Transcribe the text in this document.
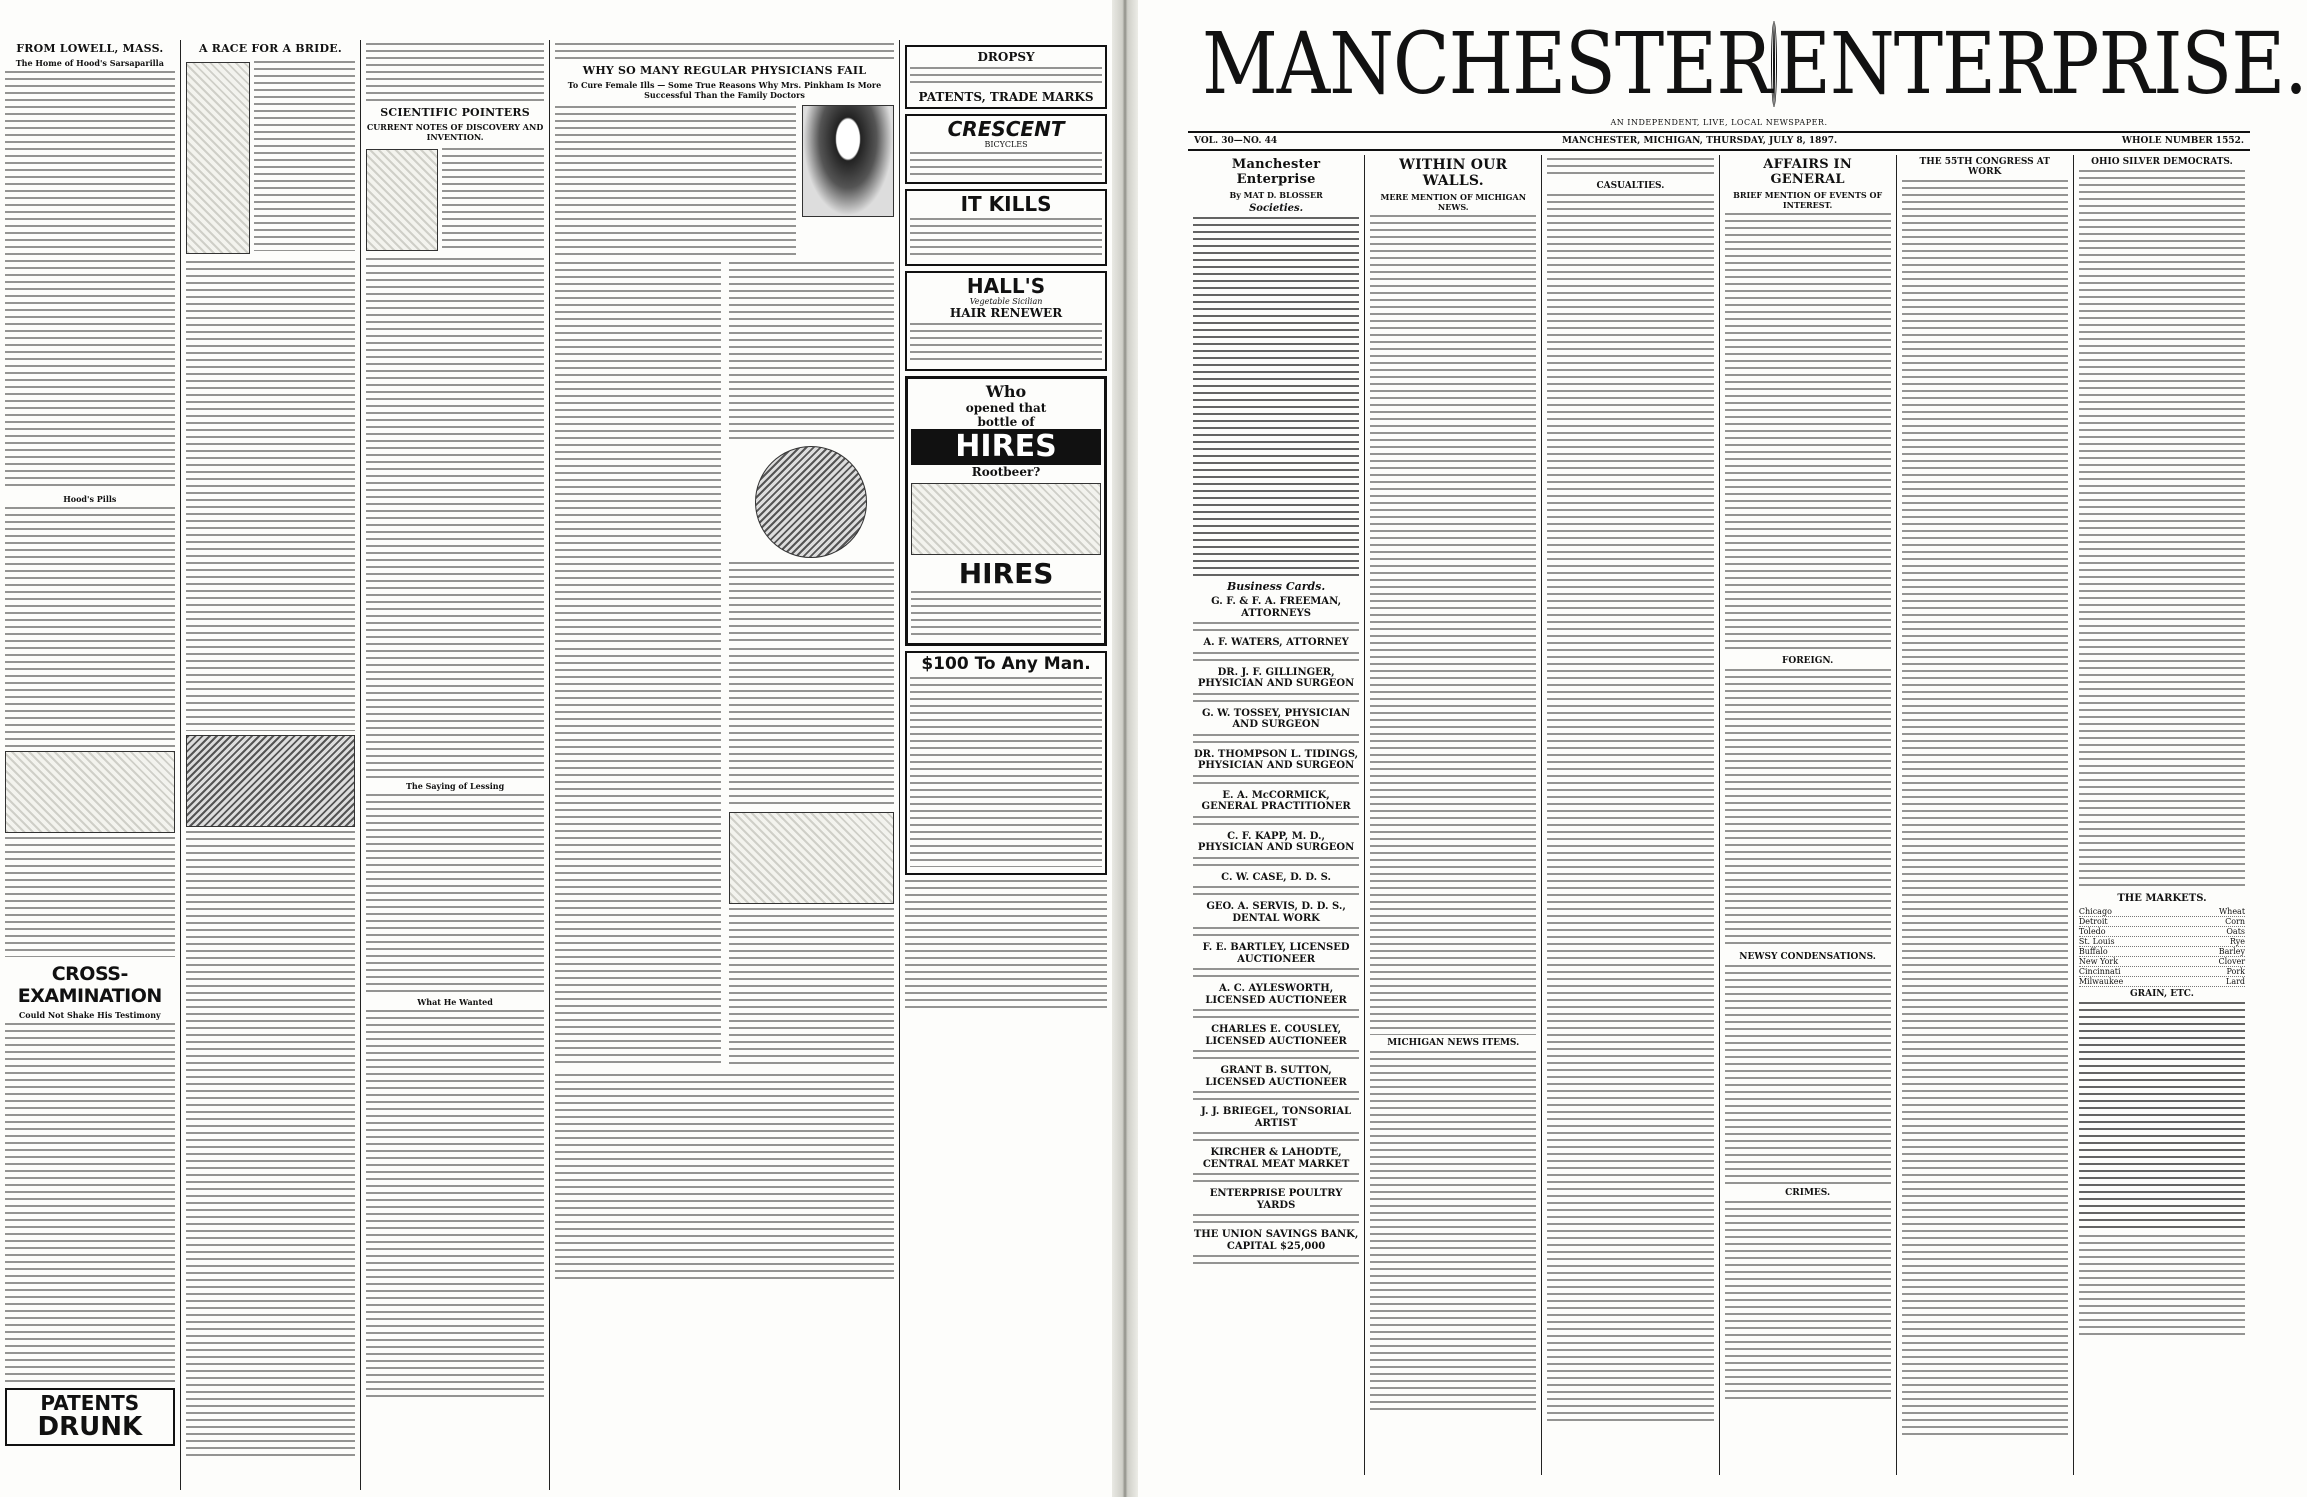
FROM LOWELL, MASS.
The Home of Hood's Sarsaparilla
Hood's Pills
CROSS-EXAMINATION
Could Not Shake His Testimony
PATENTS
DRUNK
A RACE FOR A BRIDE.
SCIENTIFIC POINTERS
CURRENT NOTES OF DISCOVERY AND INVENTION.
The Saying of Lessing
What He Wanted
WHY SO MANY REGULAR PHYSICIANS FAIL
To Cure Female Ills — Some True Reasons Why Mrs. Pinkham Is More Successful Than the Family Doctors
DROPSY
PATENTS, TRADE MARKS
CRESCENT
BICYCLES
IT KILLS
HALL'S
Vegetable Sicilian
HAIR RENEWER
Who
opened that
bottle of
HIRES
Rootbeer?
HIRES
$100 To Any Man.
MANCHESTER ENTERPRISE.
AN INDEPENDENT, LIVE, LOCAL NEWSPAPER.
VOL. 30—NO. 44	MANCHESTER, MICHIGAN, THURSDAY, JULY 8, 1897.	WHOLE NUMBER 1552.
Manchester Enterprise
By MAT D. BLOSSER
Societies.
Business Cards.
G. F. & F. A. FREEMAN, ATTORNEYS
A. F. WATERS, ATTORNEY
DR. J. F. GILLINGER, PHYSICIAN AND SURGEON
G. W. TOSSEY, PHYSICIAN AND SURGEON
DR. THOMPSON L. TIDINGS, PHYSICIAN AND SURGEON
E. A. McCORMICK, GENERAL PRACTITIONER
C. F. KAPP, M. D., PHYSICIAN AND SURGEON
C. W. CASE, D. D. S.
GEO. A. SERVIS, D. D. S., DENTAL WORK
F. E. BARTLEY, LICENSED AUCTIONEER
A. C. AYLESWORTH, LICENSED AUCTIONEER
CHARLES E. COUSLEY, LICENSED AUCTIONEER
GRANT B. SUTTON, LICENSED AUCTIONEER
J. J. BRIEGEL, TONSORIAL ARTIST
KIRCHER & LAHODTE, CENTRAL MEAT MARKET
ENTERPRISE POULTRY YARDS
THE UNION SAVINGS BANK, CAPITAL $25,000
WITHIN OUR WALLS.
MERE MENTION OF MICHIGAN NEWS.
MICHIGAN NEWS ITEMS.
CASUALTIES.
AFFAIRS IN GENERAL
BRIEF MENTION OF EVENTS OF INTEREST.
FOREIGN.
NEWSY CONDENSATIONS.
CRIMES.
THE 55TH CONGRESS AT WORK
OHIO SILVER DEMOCRATS.
THE MARKETS.
Chicago	Wheat
Detroit	Corn
Toledo	Oats
St. Louis	Rye
Buffalo	Barley
New York	Clover
Cincinnati	Pork
Milwaukee	Lard
GRAIN, ETC.
